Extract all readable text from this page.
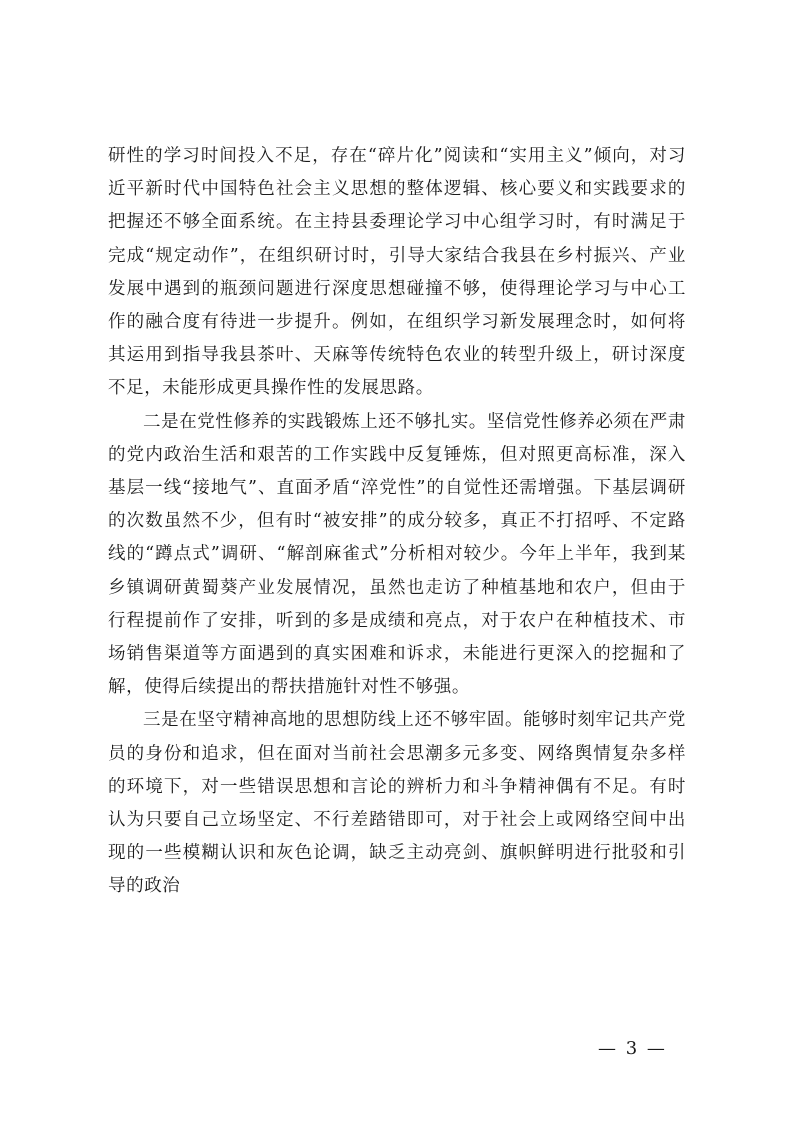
研性的学习时间投入不足，存在“碎片化”阅读和“实用主义”倾向，对习近平新时代中国特色社会主义思想的整体逻辑、核心要义和实践要求的把握还不够全面系统。在主持县委理论学习中心组学习时，有时满足于完成“规定动作”，在组织研讨时，引导大家结合我县在乡村振兴、产业发展中遇到的瓶颈问题进行深度思想碰撞不够，使得理论学习与中心工作的融合度有待进一步提升。例如，在组织学习新发展理念时，如何将其运用到指导我县茶叶、天麻等传统特色农业的转型升级上，研讨深度不足，未能形成更具操作性的发展思路。

二是在党性修养的实践锻炼上还不够扎实。坚信党性修养必须在严肃的党内政治生活和艰苦的工作实践中反复锤炼，但对照更高标准，深入基层一线“接地气”、直面矛盾“淬党性”的自觉性还需增强。下基层调研的次数虽然不少，但有时“被安排”的成分较多，真正不打招呼、不定路线的“蹲点式”调研、“解剖麻雀式”分析相对较少。今年上半年，我到某乡镇调研黄蜀葵产业发展情况，虽然也走访了种植基地和农户，但由于行程提前作了安排，听到的多是成绩和亮点，对于农户在种植技术、市场销售渠道等方面遇到的真实困难和诉求，未能进行更深入的挖掘和了解，使得后续提出的帮扶措施针对性不够强。

三是在坚守精神高地的思想防线上还不够牢固。能够时刻牢记共产党员的身份和追求，但在面对当前社会思潮多元多变、网络舆情复杂多样的环境下，对一些错误思想和言论的辨析力和斗争精神偶有不足。有时认为只要自己立场坚定、不行差踏错即可，对于社会上或网络空间中出现的一些模糊认识和灰色论调，缺乏主动亮剑、旗帜鲜明进行批驳和引导的政治

— 3 —
